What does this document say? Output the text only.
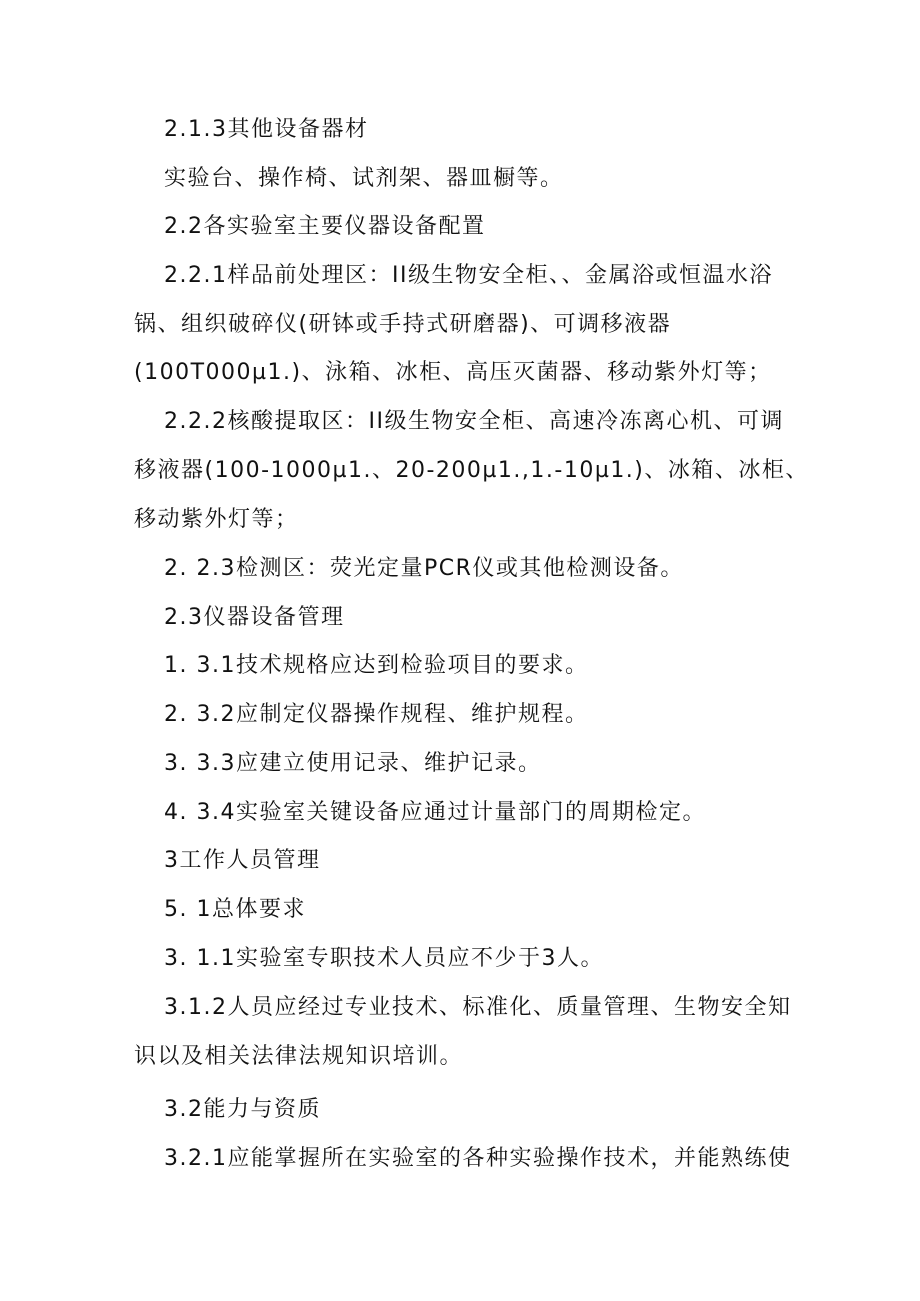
2.1.3其他设备器材
实验台、操作椅、试剂架、器皿橱等。
2.2各实验室主要仪器设备配置
2.2.1样品前处理区：II级生物安全柜、、金属浴或恒温水浴
锅、组织破碎仪(研钵或手持式研磨器)、可调移液器
(100T000µ1.)、泳箱、冰柜、高压灭菌器、移动紫外灯等；
2.2.2核酸提取区：II级生物安全柜、高速冷冻离心机、可调
移液器(100-1000µ1.、20-200µ1.,1.-10µ1.)、冰箱、冰柜、
移动紫外灯等；
2. 2.3检测区：荧光定量PCR仪或其他检测设备。
2.3仪器设备管理
1. 3.1技术规格应达到检验项目的要求。
2. 3.2应制定仪器操作规程、维护规程。
3. 3.3应建立使用记录、维护记录。
4. 3.4实验室关键设备应通过计量部门的周期检定。
3工作人员管理
5. 1总体要求
3. 1.1实验室专职技术人员应不少于3人。
3.1.2人员应经过专业技术、标准化、质量管理、生物安全知
识以及相关法律法规知识培训。
3.2能力与资质
3.2.1应能掌握所在实验室的各种实验操作技术，并能熟练使
